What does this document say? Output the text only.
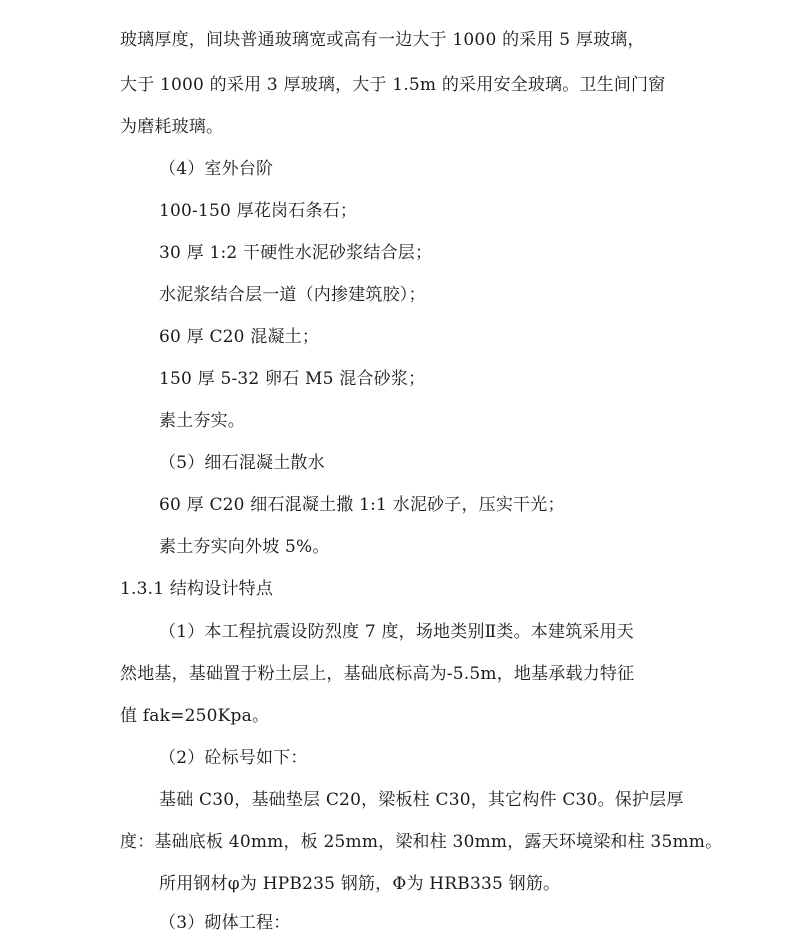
玻璃厚度，间块普通玻璃宽或高有一边大于 1000 的采用 5 厚玻璃，
大于 1000 的采用 3 厚玻璃，大于 1.5m 的采用安全玻璃。卫生间门窗
为磨耗玻璃。
（4）室外台阶
100-150 厚花岗石条石；
30 厚 1:2 干硬性水泥砂浆结合层；
水泥浆结合层一道（内掺建筑胶）；
60 厚 C20 混凝土；
150 厚 5-32 卵石 M5 混合砂浆；
素土夯实。
（5）细石混凝土散水
60 厚 C20 细石混凝土撒 1:1 水泥砂子，压实干光；
素土夯实向外坡 5%。
1.3.1 结构设计特点
（1）本工程抗震设防烈度 7 度，场地类别Ⅱ类。本建筑采用天
然地基，基础置于粉土层上，基础底标高为-5.5m，地基承载力特征
值 fak=250Kpa。
（2）砼标号如下：
基础 C30，基础垫层 C20，梁板柱 C30，其它构件 C30。保护层厚
度：基础底板 40mm，板 25mm，梁和柱 30mm，露天环境梁和柱 35mm。
所用钢材φ为 HPB235 钢筋，Φ为 HRB335 钢筋。
（3）砌体工程：
